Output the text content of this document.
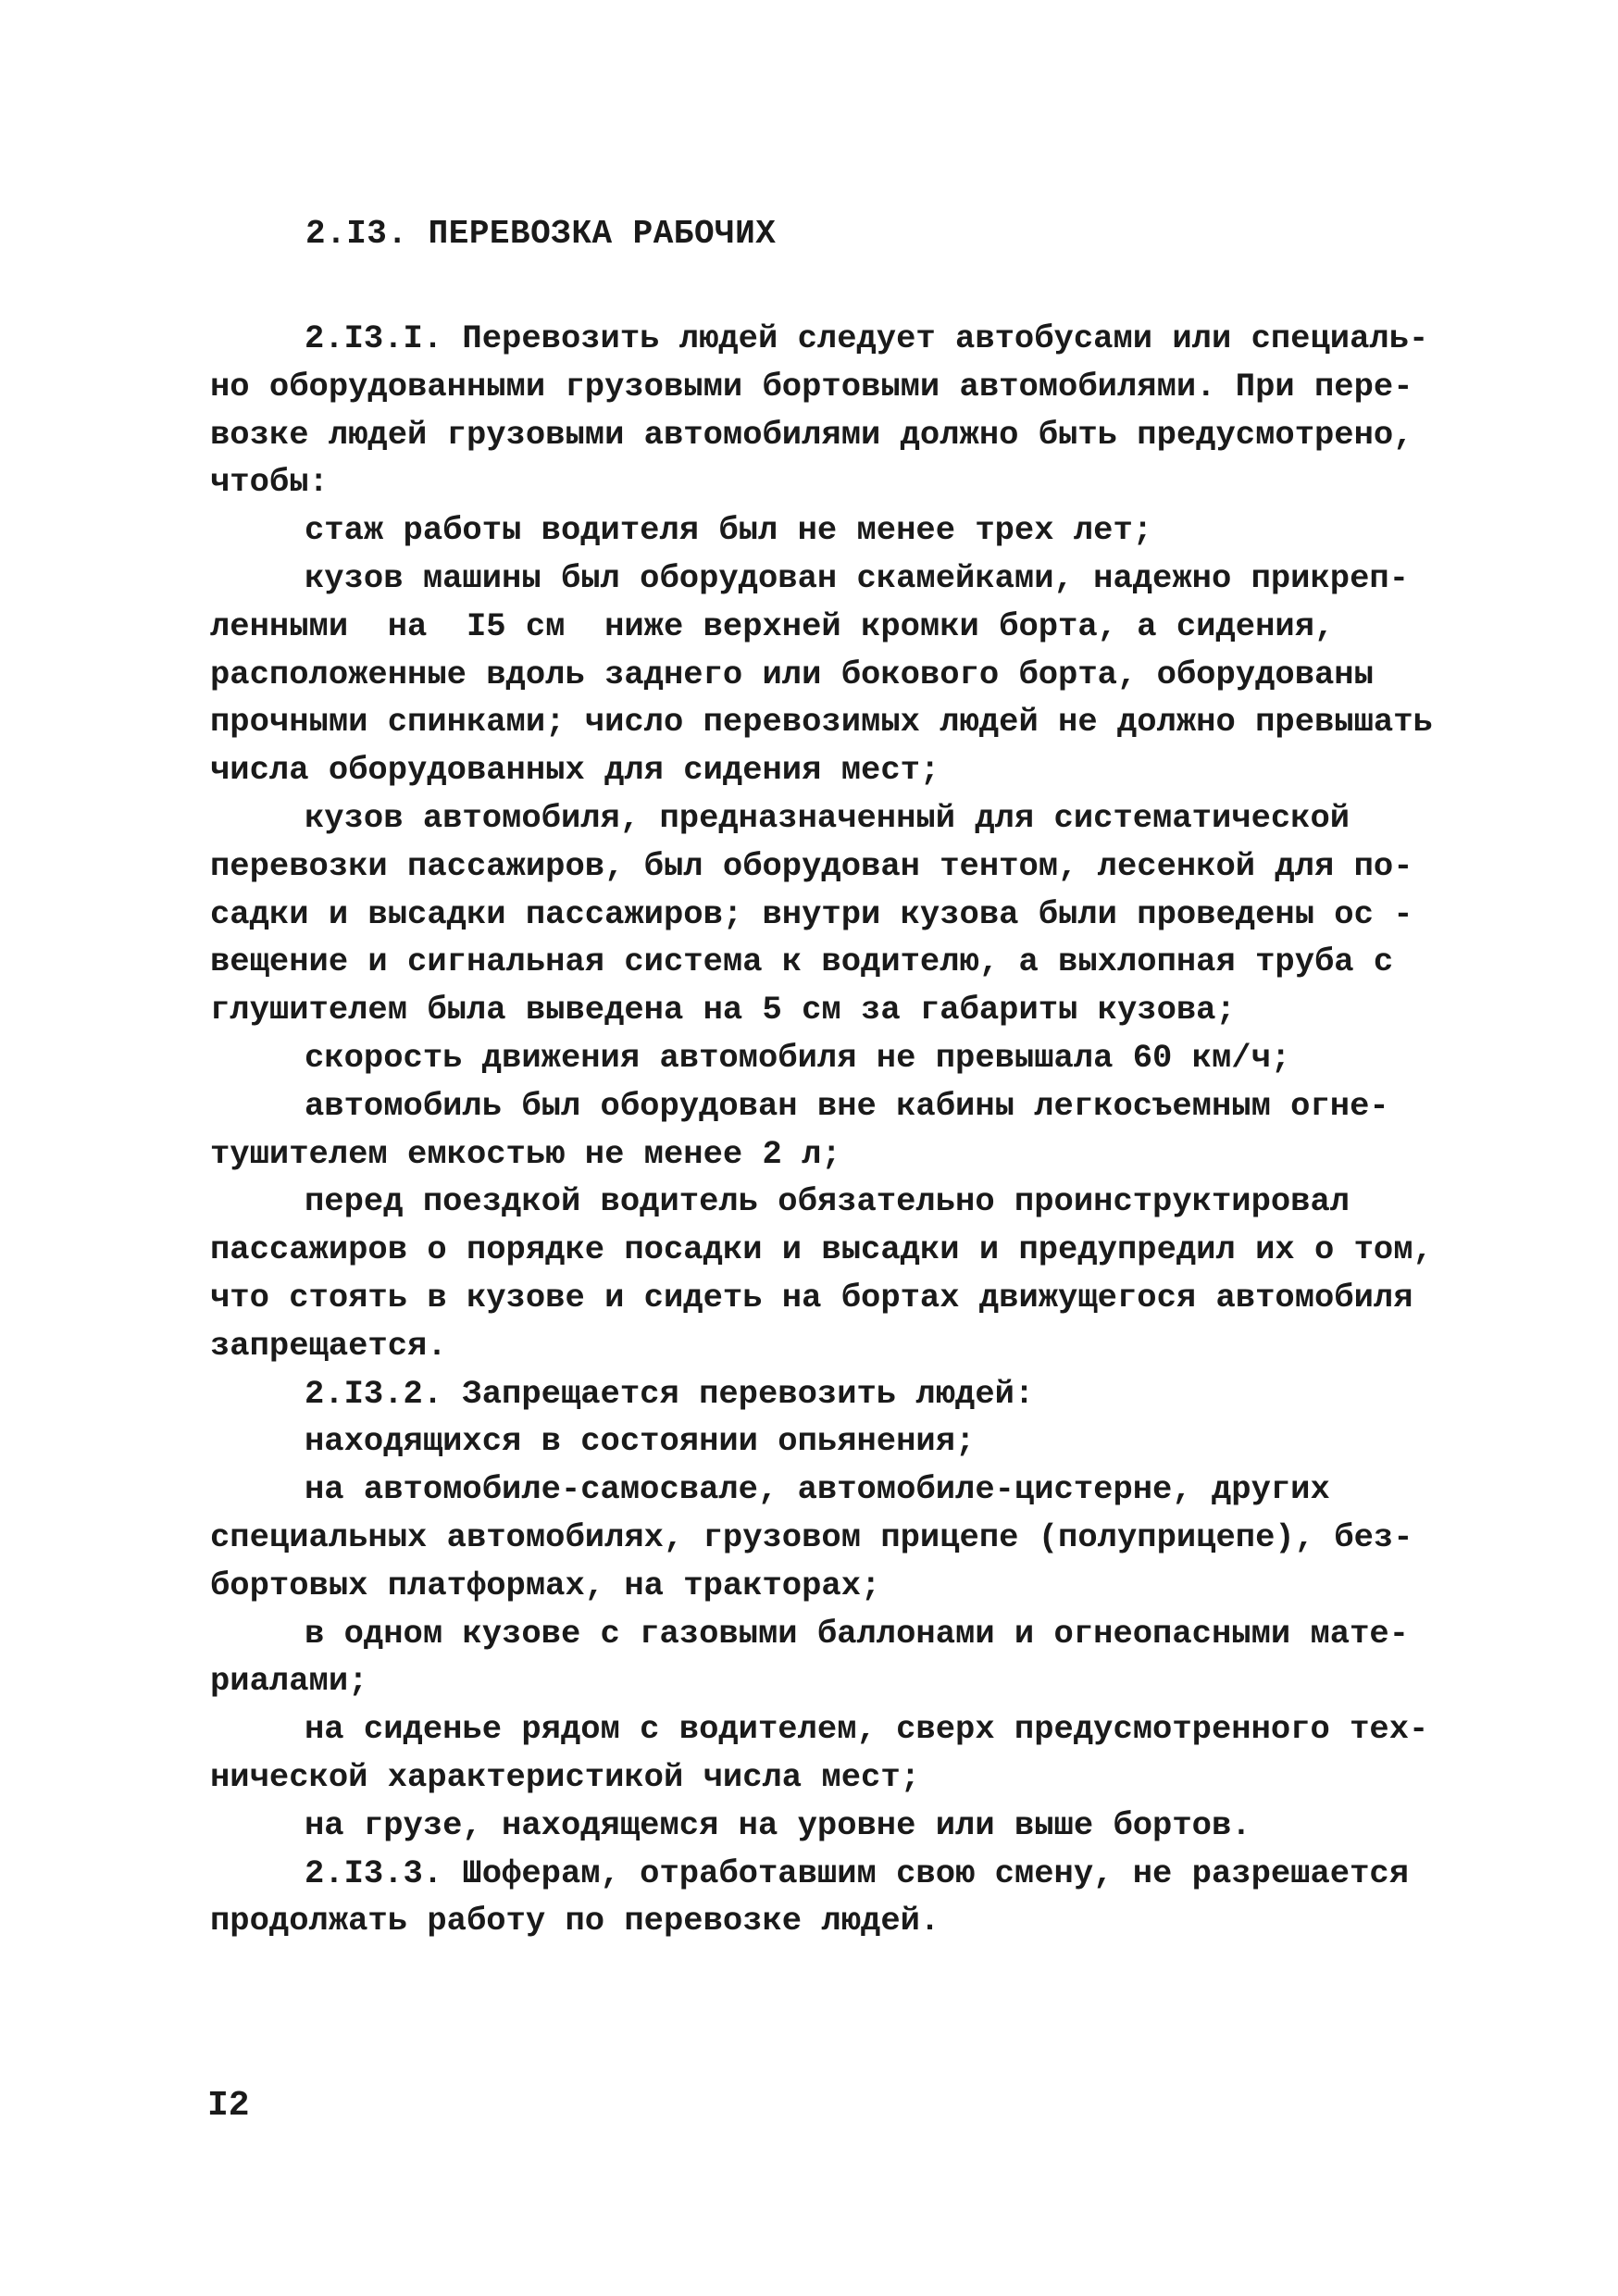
2.I3. ПЕРЕВОЗКА РАБОЧИХ
2.I3.I. Перевозить людей следует автобусами или специаль-
но оборудованными грузовыми бортовыми автомобилями. При пере-
возке людей грузовыми автомобилями должно быть предусмотрено,
чтобы:
стаж работы водителя был не менее трех лет;
кузов машины был оборудован скамейками, надежно прикреп-
ленными  на  I5 см  ниже верхней кромки борта, а сидения,
расположенные вдоль заднего или бокового борта, оборудованы
прочными спинками; число перевозимых людей не должно превышать
числа оборудованных для сидения мест;
кузов автомобиля, предназначенный для систематической
перевозки пассажиров, был оборудован тентом, лесенкой для по-
садки и высадки пассажиров; внутри кузова были проведены ос -
вещение и сигнальная система к водителю, а выхлопная труба с
глушителем была выведена на 5 см за габариты кузова;
скорость движения автомобиля не превышала 60 км/ч;
автомобиль был оборудован вне кабины легкосъемным огне-
тушителем емкостью не менее 2 л;
перед поездкой водитель обязательно проинструктировал
пассажиров о порядке посадки и высадки и предупредил их о том,
что стоять в кузове и сидеть на бортах движущегося автомобиля
запрещается.
2.I3.2. Запрещается перевозить людей:
находящихся в состоянии опьянения;
на автомобиле-самосвале, автомобиле-цистерне, других
специальных автомобилях, грузовом прицепе (полуприцепе), без-
бортовых платформах, на тракторах;
в одном кузове с газовыми баллонами и огнеопасными мате-
риалами;
на сиденье рядом с водителем, сверх предусмотренного тех-
нической характеристикой числа мест;
на грузе, находящемся на уровне или выше бортов.
2.I3.3. Шоферам, отработавшим свою смену, не разрешается
продолжать работу по перевозке людей.
I2
